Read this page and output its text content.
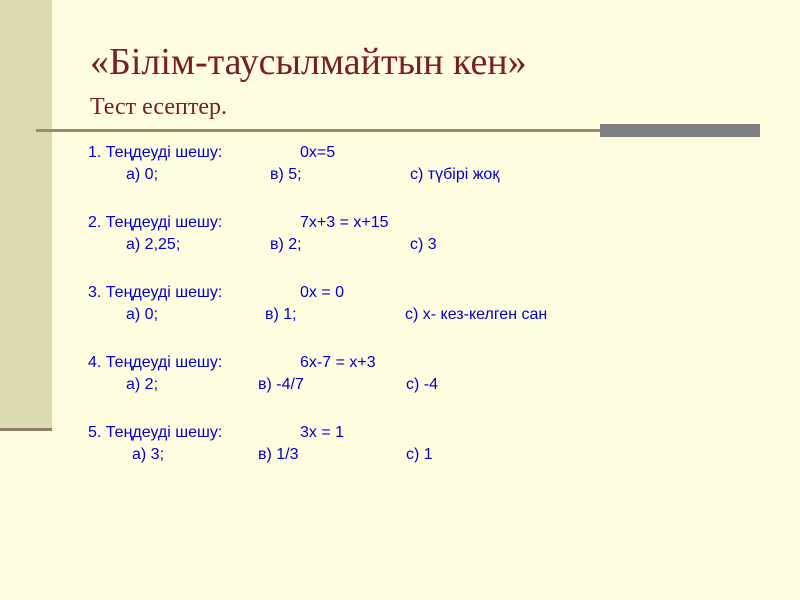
«Білім-таусылмайтын кен»
Тест есептер.
1. Теңдеуді шешу:	0х=5
а) 0;	в) 5;	с) түбірі жоқ
2. Теңдеуді шешу:	7х+3 = х+15
а) 2,25;	в) 2;	с) 3
3. Теңдеуді шешу:	0х = 0
а) 0;	в) 1;	с) х- кез-келген сан
4. Теңдеуді шешу:	6х-7 = х+3
а) 2;	в) -4/7	с) -4
5. Теңдеуді шешу:	3х = 1
а) 3;	в) 1/3	с) 1
